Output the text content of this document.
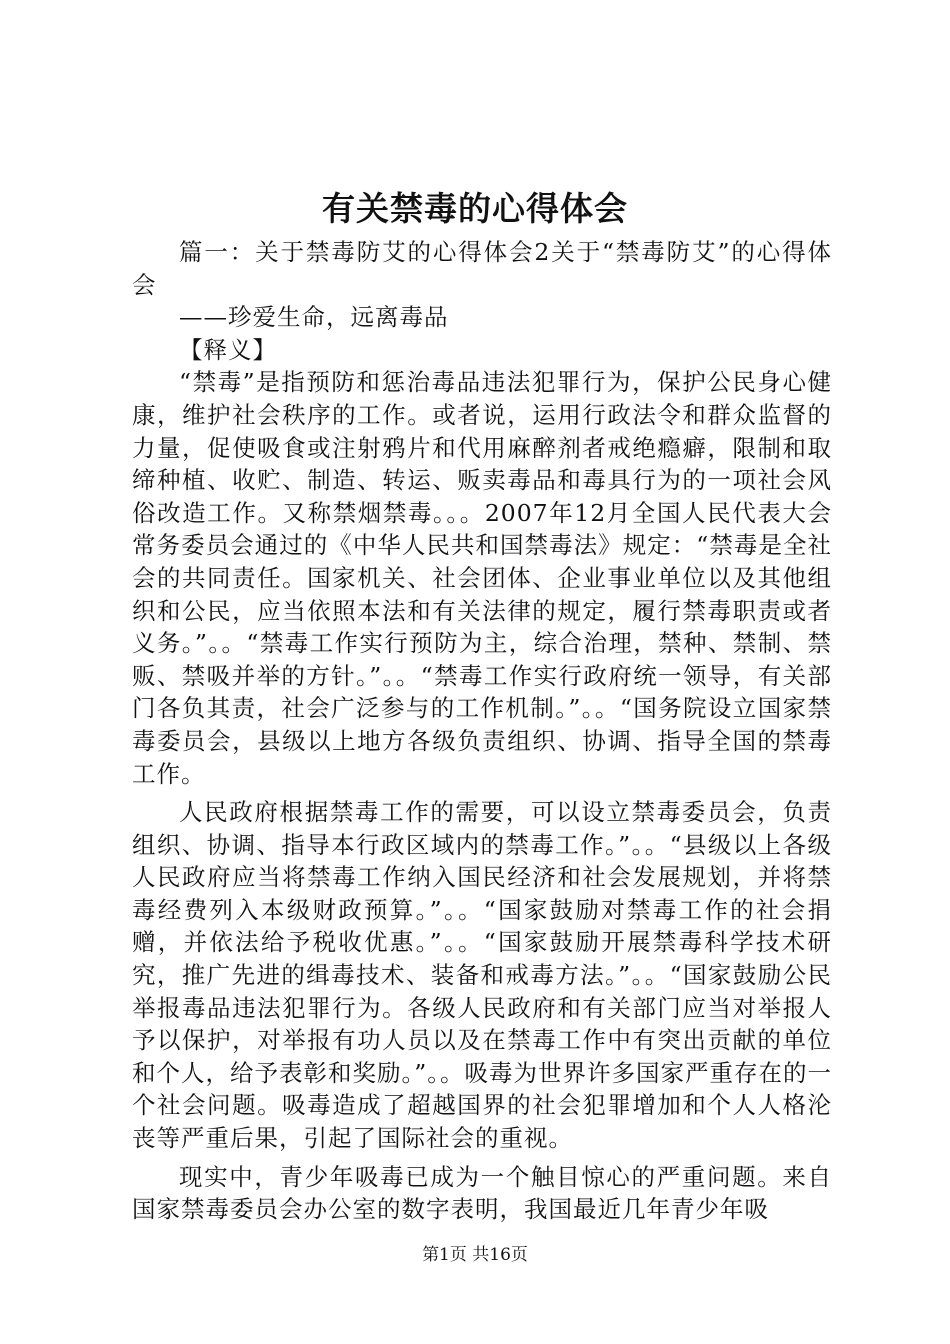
有关禁毒的心得体会

篇一：关于禁毒防艾的心得体会2关于“禁毒防艾”的心得体会

——珍爱生命，远离毒品

【释义】

“禁毒”是指预防和惩治毒品违法犯罪行为，保护公民身心健康，维护社会秩序的工作。或者说，运用行政法令和群众监督的力量，促使吸食或注射鸦片和代用麻醉剂者戒绝瘾癖，限制和取缔种植、收贮、制造、转运、贩卖毒品和毒具行为的一项社会风俗改造工作。又称禁烟禁毒。。。2007年12月全国人民代表大会常务委员会通过的《中华人民共和国禁毒法》规定：“禁毒是全社会的共同责任。国家机关、社会团体、企业事业单位以及其他组织和公民，应当依照本法和有关法律的规定，履行禁毒职责或者义务。”。。“禁毒工作实行预防为主，综合治理，禁种、禁制、禁贩、禁吸并举的方针。”。。“禁毒工作实行政府统一领导，有关部门各负其责，社会广泛参与的工作机制。”。。“国务院设立国家禁毒委员会，县级以上地方各级负责组织、协调、指导全国的禁毒工作。

人民政府根据禁毒工作的需要，可以设立禁毒委员会，负责组织、协调、指导本行政区域内的禁毒工作。”。。“县级以上各级人民政府应当将禁毒工作纳入国民经济和社会发展规划，并将禁毒经费列入本级财政预算。”。。“国家鼓励对禁毒工作的社会捐赠，并依法给予税收优惠。”。。“国家鼓励开展禁毒科学技术研究，推广先进的缉毒技术、装备和戒毒方法。”。。“国家鼓励公民举报毒品违法犯罪行为。各级人民政府和有关部门应当对举报人予以保护，对举报有功人员以及在禁毒工作中有突出贡献的单位和个人，给予表彰和奖励。”。。吸毒为世界许多国家严重存在的一个社会问题。吸毒造成了超越国界的社会犯罪增加和个人人格沦丧等严重后果，引起了国际社会的重视。

现实中，青少年吸毒已成为一个触目惊心的严重问题。来自国家禁毒委员会办公室的数字表明，我国最近几年青少年吸

第1页 共16页
